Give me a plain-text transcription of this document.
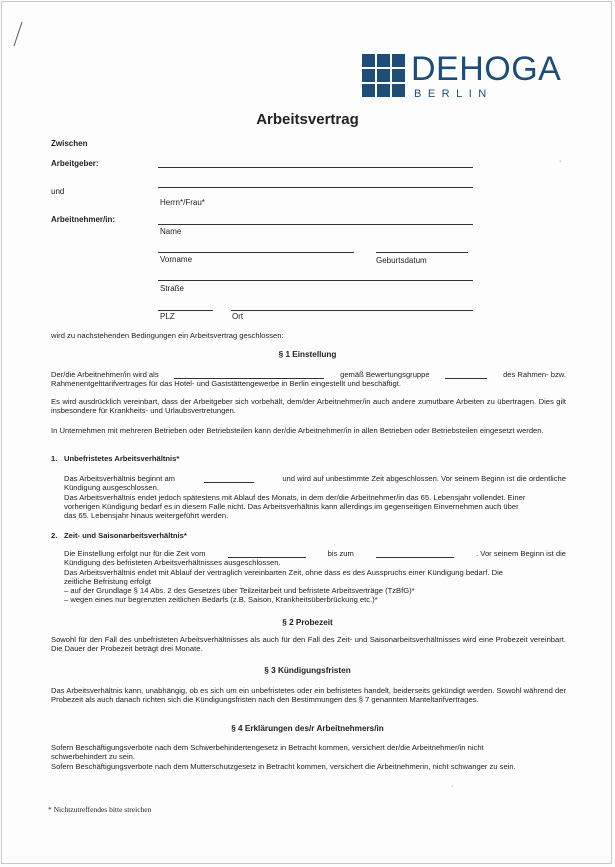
DEHOGA
BERLIN
Arbeitsvertrag
Zwischen
Arbeitgeber:	·
und
Herrn*/Frau*
Arbeitnehmer/in:
Name
Vorname	Geburtsdatum
Straße
PLZ	Ort
wird zu nachstehenden Bedingungen ein Arbeitsvertrag geschlossen:
§ 1 Einstellung
Der/die Arbeitnehmer/in wird als	gemäß Bewertungsgruppe	des Rahmen- bzw.
Rahmenentgelttarifvertrages für das Hotel- und Gaststättengewerbe in Berlin eingestellt und beschäftigt.
Es wird ausdrücklich vereinbart, dass der Arbeitgeber sich vorbehält, dem/der Arbeitnehmer/in auch andere zumutbare Arbeiten zu übertragen. Dies gilt insbesondere für Krankheits- und Urlaubsvertretungen.
In Unternehmen mit mehreren Betrieben oder Betriebsteilen kann der/die Arbeitnehmer/in in allen Betrieben oder Betriebsteilen eingesetzt werden.
1. Unbefristetes Arbeitsverhältnis*
Das Arbeitsverhältnis beginnt am	und wird auf unbestimmte Zeit abgeschlossen. Vor seinem Beginn ist die ordentliche
Kündigung ausgeschlossen.
Das Arbeitsverhältnis endet jedoch spätestens mit Ablauf des Monats, in dem der/die Arbeitnehmer/in das 65. Lebensjahr vollendet. Einer
vorherigen Kündigung bedarf es in diesem Falle nicht. Das Arbeitsverhältnis kann allerdings im gegenseitigen Einvernehmen auch über
das 65. Lebensjahr hinaus weitergeführt werden.
2. Zeit- und Saisonarbeitsverhältnis*
Die Einstellung erfolgt nur für die Zeit vom	bis zum	. Vor seinem Beginn ist die
Kündigung des befristeten Arbeitsverhältnisses ausgeschlossen.
Das Arbeitsverhältnis endet mit Ablauf der vertraglich vereinbarten Zeit, ohne dass es des Ausspruchs einer Kündigung bedarf. Die
zeitliche Befristung erfolgt
– auf der Grundlage § 14 Abs. 2 des Gesetzes über Teilzeitarbeit und befristete Arbeitsverträge (TzBfG)*
– wegen eines nur begrenzten zeitlichen Bedarfs (z.B. Saison, Krankheitsüberbrückung etc.)*
§ 2 Probezeit
Sowohl für den Fall des unbefristeten Arbeitsverhältnisses als auch für den Fall des Zeit- und Saisonarbeitsverhältnisses wird eine Probezeit vereinbart. Die Dauer der Probezeit beträgt drei Monate.
§ 3 Kündigungsfristen
Das Arbeitsverhältnis kann, unabhängig, ob es sich um ein unbefristetes oder ein befristetes handelt, beiderseits gekündigt werden. Sowohl während der Probezeit als auch danach richten sich die Kündigungsfristen nach den Bestimmungen des § 7 genannten Manteltarifvertrages.
§ 4 Erklärungen des/r Arbeitnehmers/in
Sofern Beschäftigungsverbote nach dem Schwerbehindertengesetz in Betracht kommen, versichert der/die Arbeitnehmer/in nicht
schwerbehindert zu sein.
Sofern Beschäftigungsverbote nach dem Mutterschutzgesetz in Betracht kommen, versichert die Arbeitnehmerin, nicht schwanger zu sein.
·
* Nichtzutreffendes bitte streichen
